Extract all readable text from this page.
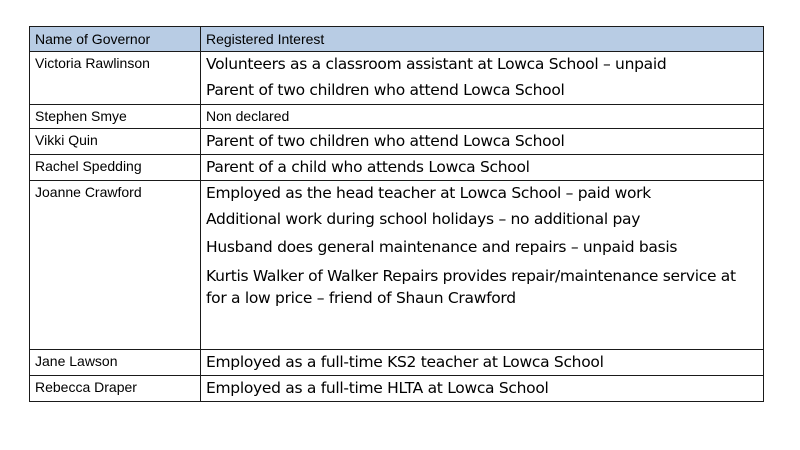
Name of Governor	Registered Interest
Victoria Rawlinson	Volunteers as a classroom assistant at Lowca School – unpaid
Parent of two children who attend Lowca School

Stephen Smye	Non declared

Vikki Quin	Parent of two children who attend Lowca School

Rachel Spedding	Parent of a child who attends Lowca School

Joanne Crawford	Employed as the head teacher at Lowca School – paid work
Additional work during school holidays – no additional pay
Husband does general maintenance and repairs – unpaid basis
Kurtis Walker of Walker Repairs provides repair/maintenance service at for a low price – friend of Shaun Crawford

Jane Lawson	Employed as a full-time KS2 teacher at Lowca School

Rebecca Draper	Employed as a full-time HLTA at Lowca School
